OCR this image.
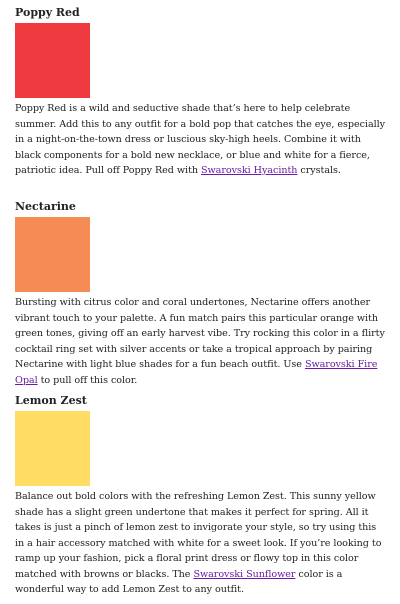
Poppy Red

Poppy Red is a wild and seductive shade that’s here to help celebrate summer. Add this to any outfit for a bold pop that catches the eye, especially in a night-on-the-town dress or luscious sky-high heels. Combine it with black components for a bold new necklace, or blue and white for a fierce, patriotic idea. Pull off Poppy Red with Swarovski Hyacinth crystals.

Nectarine

Bursting with citrus color and coral undertones, Nectarine offers another vibrant touch to your palette. A fun match pairs this particular orange with green tones, giving off an early harvest vibe. Try rocking this color in a flirty cocktail ring set with silver accents or take a tropical approach by pairing Nectarine with light blue shades for a fun beach outfit. Use Swarovski Fire Opal to pull off this color.

Lemon Zest

Balance out bold colors with the refreshing Lemon Zest. This sunny yellow shade has a slight green undertone that makes it perfect for spring. All it takes is just a pinch of lemon zest to invigorate your style, so try using this in a hair accessory matched with white for a sweet look. If you’re looking to ramp up your fashion, pick a floral print dress or flowy top in this color matched with browns or blacks. The Swarovski Sunflower color is a wonderful way to add Lemon Zest to any outfit.
